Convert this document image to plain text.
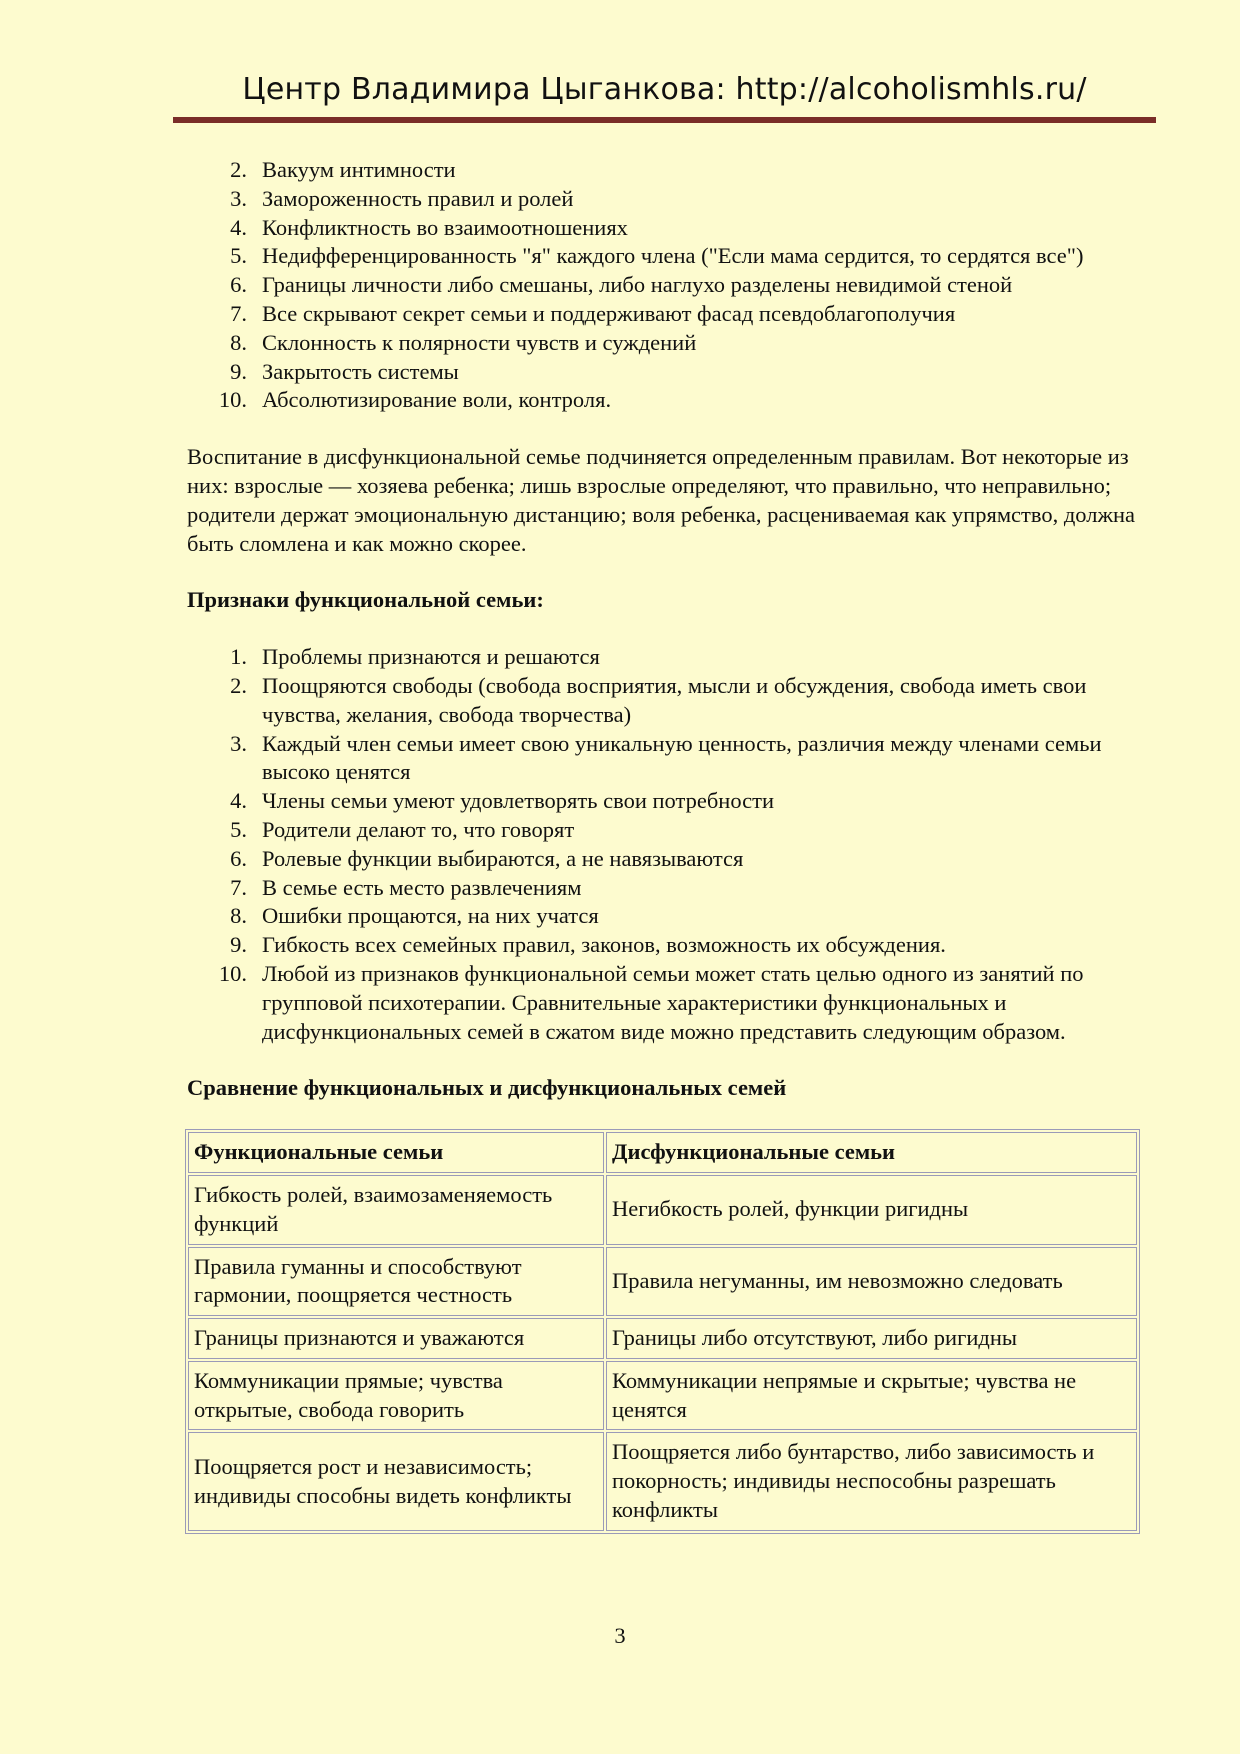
Центр Владимира Цыганкова: http://alcoholismhls.ru/
2. Вакуум интимности
3. Замороженность правил и ролей
4. Конфликтность во взаимоотношениях
5. Недифференцированность "я" каждого члена ("Если мама сердится, то сердятся все")
6. Границы личности либо смешаны, либо наглухо разделены невидимой стеной
7. Все скрывают секрет семьи и поддерживают фасад псевдоблагополучия
8. Склонность к полярности чувств и суждений
9. Закрытость системы
10. Абсолютизирование воли, контроля.

Воспитание в дисфункциональной семье подчиняется определенным правилам. Вот некоторые из них: взрослые — хозяева ребенка; лишь взрослые определяют, что правильно, что неправильно; родители держат эмоциональную дистанцию; воля ребенка, расцениваемая как упрямство, должна быть сломлена и как можно скорее.

Признаки функциональной семьи:

1. Проблемы признаются и решаются
2. Поощряются свободы (свобода восприятия, мысли и обсуждения, свобода иметь свои чувства, желания, свобода творчества)
3. Каждый член семьи имеет свою уникальную ценность, различия между членами семьи высоко ценятся
4. Члены семьи умеют удовлетворять свои потребности
5. Родители делают то, что говорят
6. Ролевые функции выбираются, а не навязываются
7. В семье есть место развлечениям
8. Ошибки прощаются, на них учатся
9. Гибкость всех семейных правил, законов, возможность их обсуждения.
10. Любой из признаков функциональной семьи может стать целью одного из занятий по групповой психотерапии. Сравнительные характеристики функциональных и дисфункциональных семей в сжатом виде можно представить следующим образом.

Сравнение функциональных и дисфункциональных семей

Функциональные семьи	Дисфункциональные семьи
Гибкость ролей, взаимозаменяемость функций	Негибкость ролей, функции ригидны
Правила гуманны и способствуют гармонии, поощряется честность	Правила негуманны, им невозможно следовать
Границы признаются и уважаются	Границы либо отсутствуют, либо ригидны
Коммуникации прямые; чувства открытые, свобода говорить	Коммуникации непрямые и скрытые; чувства не ценятся
Поощряется рост и независимость; индивиды способны видеть конфликты	Поощряется либо бунтарство, либо зависимость и покорность; индивиды неспособны разрешать конфликты
3
